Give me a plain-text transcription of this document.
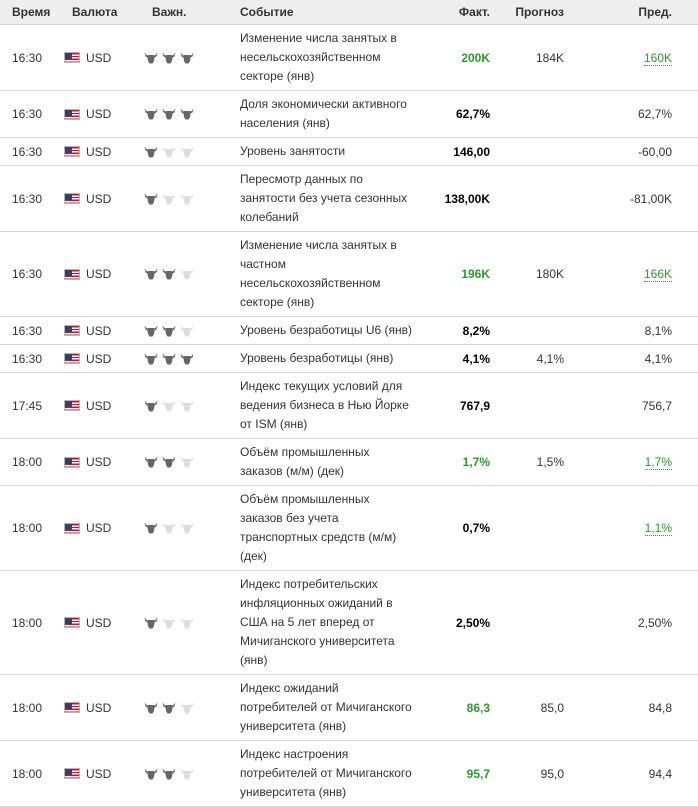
Время	Валюта	Важн.	Событие	Факт.	Прогноз	Пред.
16:30	USD		Изменение числа занятых в несельскохозяйственном секторе (янв)	200K	184K	160K
16:30	USD		Доля экономически активного населения (янв)	62,7%		62,7%
16:30	USD		Уровень занятости	146,00		-60,00
16:30	USD		Пересмотр данных по занятости без учета сезонных колебаний	138,00K		-81,00K
16:30	USD		Изменение числа занятых в частном несельскохозяйственном секторе (янв)	196K	180K	166K
16:30	USD		Уровень безработицы U6 (янв)	8,2%		8,1%
16:30	USD		Уровень безработицы (янв)	4,1%	4,1%	4,1%
17:45	USD		Индекс текущих условий для ведения бизнеса в Нью Йорке от ISM (янв)	767,9		756,7
18:00	USD		Объём промышленных заказов (м/м) (дек)	1,7%	1,5%	1,7%
18:00	USD		Объём промышленных заказов без учета транспортных средств (м/м) (дек)	0,7%		1,1%
18:00	USD		Индекс потребительских инфляционных ожиданий в США на 5 лет вперед от Мичиганского университета (янв)	2,50%		2,50%
18:00	USD		Индекс ожиданий потребителей от Мичиганского университета (янв)	86,3	85,0	84,8
18:00	USD		Индекс настроения потребителей от Мичиганского университета (янв)	95,7	95,0	94,4
